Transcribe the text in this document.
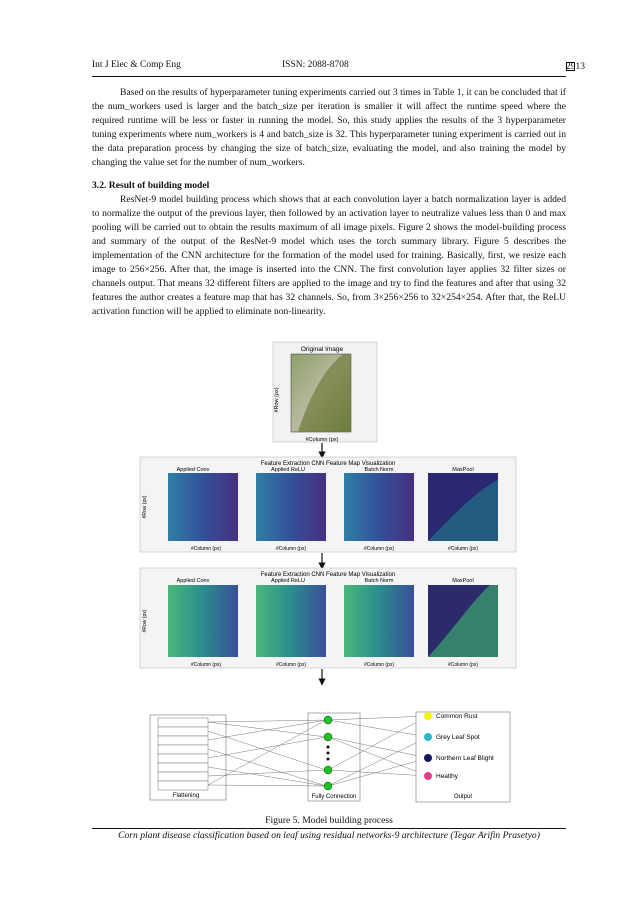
Int J Elec & Comp Eng	ISSN: 2088-8708	2913

Based on the results of hyperparameter tuning experiments carried out 3 times in Table 1, it can be concluded that if the num_workers used is larger and the batch_size per iteration is smaller it will affect the runtime speed where the required runtime will be less or faster in running the model. So, this study applies the results of the 3 hyperparameter tuning experiments where num_workers is 4 and batch_size is 32. This hyperparameter tuning experiment is carried out in the data preparation process by changing the size of batch_size, evaluating the model, and also training the model by changing the value set for the number of num_workers.

3.2. Result of building model

ResNet-9 model building process which shows that at each convolution layer a batch normalization layer is added to normalize the output of the previous layer, then followed by an activation layer to neutralize values less than 0 and max pooling will be carried out to obtain the results maximum of all image pixels. Figure 2 shows the model-building process and summary of the output of the ResNet-9 model which uses the torch summary library. Figure 5 describes the implementation of the CNN architecture for the formation of the model used for training. Basically, first, we resize each image to 256×256. After that, the image is inserted into the CNN. The first convolution layer applies 32 filter sizes or channels output. That means 32 different filters are applied to the image and try to find the features and after that using 32 features the author creates a feature map that has 32 channels. So, from 3×256×256 to 32×254×254. After that, the ReLU activation function will be applied to eliminate non-linearity.

Original Image
#Row (px)
#Column (px)
Feature Extraction CNN Feature Map Visualization
Applied Conv	Applied ReLU	Batch Norm	MaxPool
#Row (px)
#Column (px)	#Column (px)	#Column (px)	#Column (px)
Feature Extraction CNN Feature Map Visualization
Applied Conv	Applied ReLU	Batch Norm	MaxPool
#Row (px)
#Column (px)	#Column (px)	#Column (px)	#Column (px)
Flattening	Fully Connection
Common Rust
Grey Leaf Spot
Northern Leaf Blight
Healthy
Output
Figure 5. Model building process
Corn plant disease classification based on leaf using residual networks-9 architecture (Tegar Arifin Prasetyo)
